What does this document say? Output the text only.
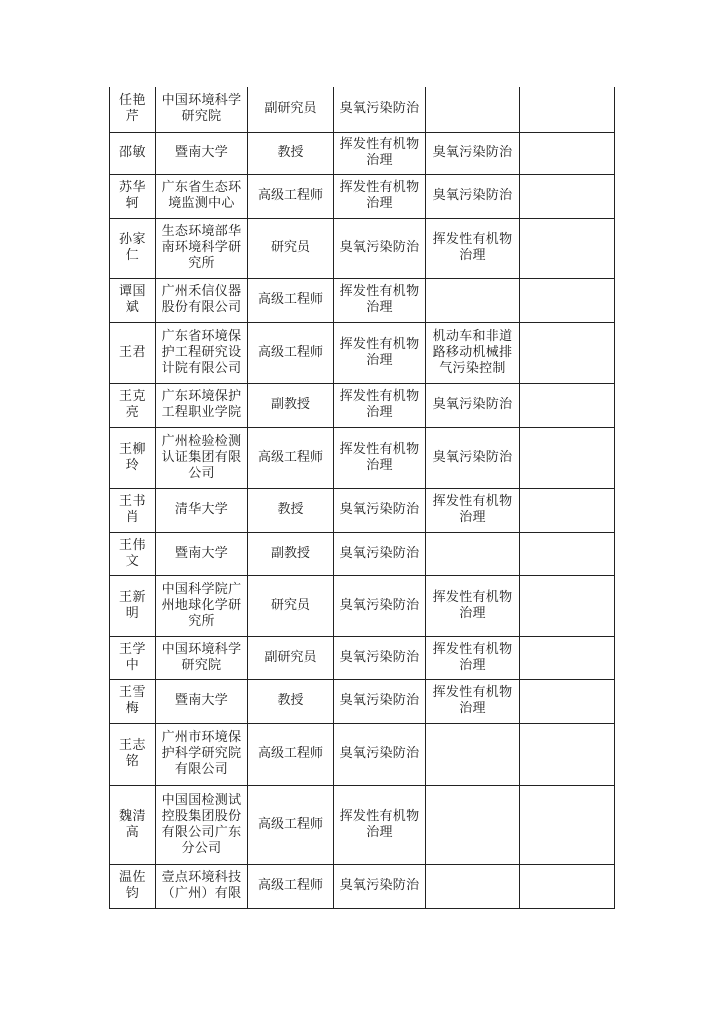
任艳芹	中国环境科学研究院	副研究员	臭氧污染防治		
邵敏	暨南大学	教授	挥发性有机物治理	臭氧污染防治	
苏华轲	广东省生态环境监测中心	高级工程师	挥发性有机物治理	臭氧污染防治	
孙家仁	生态环境部华南环境科学研究所	研究员	臭氧污染防治	挥发性有机物治理	
谭国斌	广州禾信仪器股份有限公司	高级工程师	挥发性有机物治理		
王君	广东省环境保护工程研究设计院有限公司	高级工程师	挥发性有机物治理	机动车和非道路移动机械排气污染控制	
王克亮	广东环境保护工程职业学院	副教授	挥发性有机物治理	臭氧污染防治	
王柳玲	广州检验检测认证集团有限公司	高级工程师	挥发性有机物治理	臭氧污染防治	
王书肖	清华大学	教授	臭氧污染防治	挥发性有机物治理	
王伟文	暨南大学	副教授	臭氧污染防治		
王新明	中国科学院广州地球化学研究所	研究员	臭氧污染防治	挥发性有机物治理	
王学中	中国环境科学研究院	副研究员	臭氧污染防治	挥发性有机物治理	
王雪梅	暨南大学	教授	臭氧污染防治	挥发性有机物治理	
王志铭	广州市环境保护科学研究院有限公司	高级工程师	臭氧污染防治		
魏清高	中国国检测试控股集团股份有限公司广东分公司	高级工程师	挥发性有机物治理		
温佐钧	壹点环境科技（广州）有限	高级工程师	臭氧污染防治		
